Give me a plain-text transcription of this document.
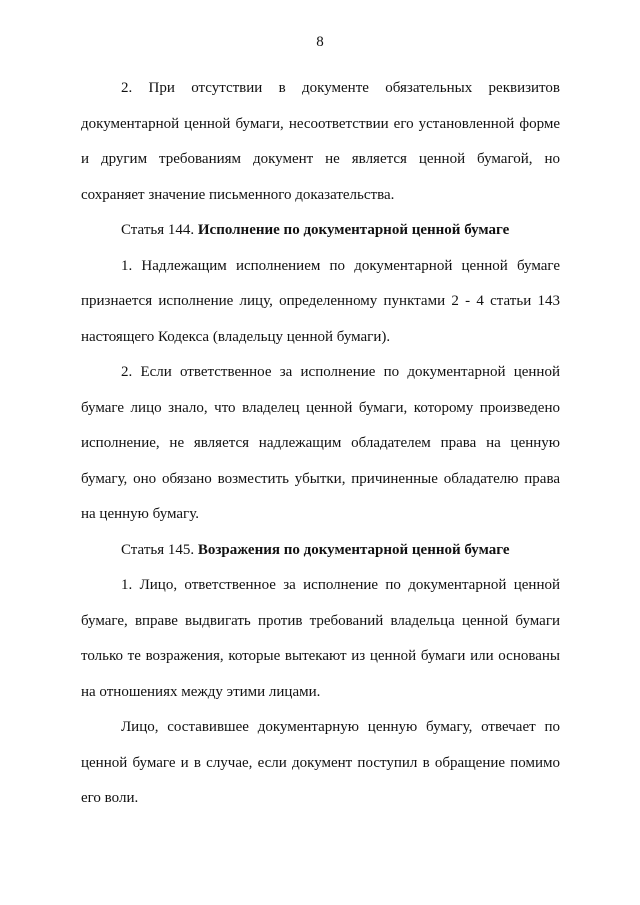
8

2. При отсутствии в документе обязательных реквизитов документарной ценной бумаги, несоответствии его установленной форме и другим требованиям документ не является ценной бумагой, но сохраняет значение письменного доказательства.

Статья 144. Исполнение по документарной ценной бумаге

1. Надлежащим исполнением по документарной ценной бумаге признается исполнение лицу, определенному пунктами 2 - 4 статьи 143 настоящего Кодекса (владельцу ценной бумаги).

2. Если ответственное за исполнение по документарной ценной бумаге лицо знало, что владелец ценной бумаги, которому произведено исполнение, не является надлежащим обладателем права на ценную бумагу, оно обязано возместить убытки, причиненные обладателю права на ценную бумагу.

Статья 145. Возражения по документарной ценной бумаге

1. Лицо, ответственное за исполнение по документарной ценной бумаге, вправе выдвигать против требований владельца ценной бумаги только те возражения, которые вытекают из ценной бумаги или основаны на отношениях между этими лицами.

Лицо, составившее документарную ценную бумагу, отвечает по ценной бумаге и в случае, если документ поступил в обращение помимо его воли.
